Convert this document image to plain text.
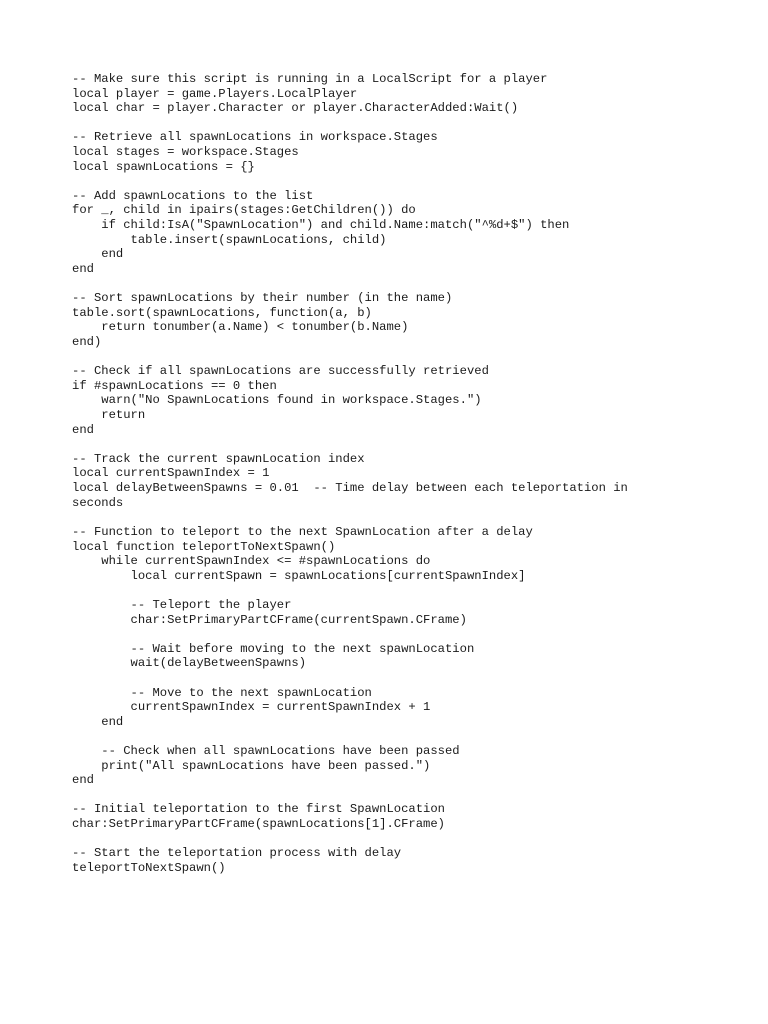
-- Make sure this script is running in a LocalScript for a player
local player = game.Players.LocalPlayer
local char = player.Character or player.CharacterAdded:Wait()
-- Retrieve all spawnLocations in workspace.Stages
local stages = workspace.Stages
local spawnLocations = {}
-- Add spawnLocations to the list
for _, child in ipairs(stages:GetChildren()) do
if child:IsA("SpawnLocation") and child.Name:match("^%d+$") then
table.insert(spawnLocations, child)
end
end
-- Sort spawnLocations by their number (in the name)
table.sort(spawnLocations, function(a, b)
return tonumber(a.Name) < tonumber(b.Name)
end)
-- Check if all spawnLocations are successfully retrieved
if #spawnLocations == 0 then
warn("No SpawnLocations found in workspace.Stages.")
return
end
-- Track the current spawnLocation index
local currentSpawnIndex = 1
local delayBetweenSpawns = 0.01  -- Time delay between each teleportation in
seconds
-- Function to teleport to the next SpawnLocation after a delay
local function teleportToNextSpawn()
while currentSpawnIndex <= #spawnLocations do
local currentSpawn = spawnLocations[currentSpawnIndex]
-- Teleport the player
char:SetPrimaryPartCFrame(currentSpawn.CFrame)
-- Wait before moving to the next spawnLocation
wait(delayBetweenSpawns)
-- Move to the next spawnLocation
currentSpawnIndex = currentSpawnIndex + 1
end
-- Check when all spawnLocations have been passed
print("All spawnLocations have been passed.")
end
-- Initial teleportation to the first SpawnLocation
char:SetPrimaryPartCFrame(spawnLocations[1].CFrame)
-- Start the teleportation process with delay
teleportToNextSpawn()
